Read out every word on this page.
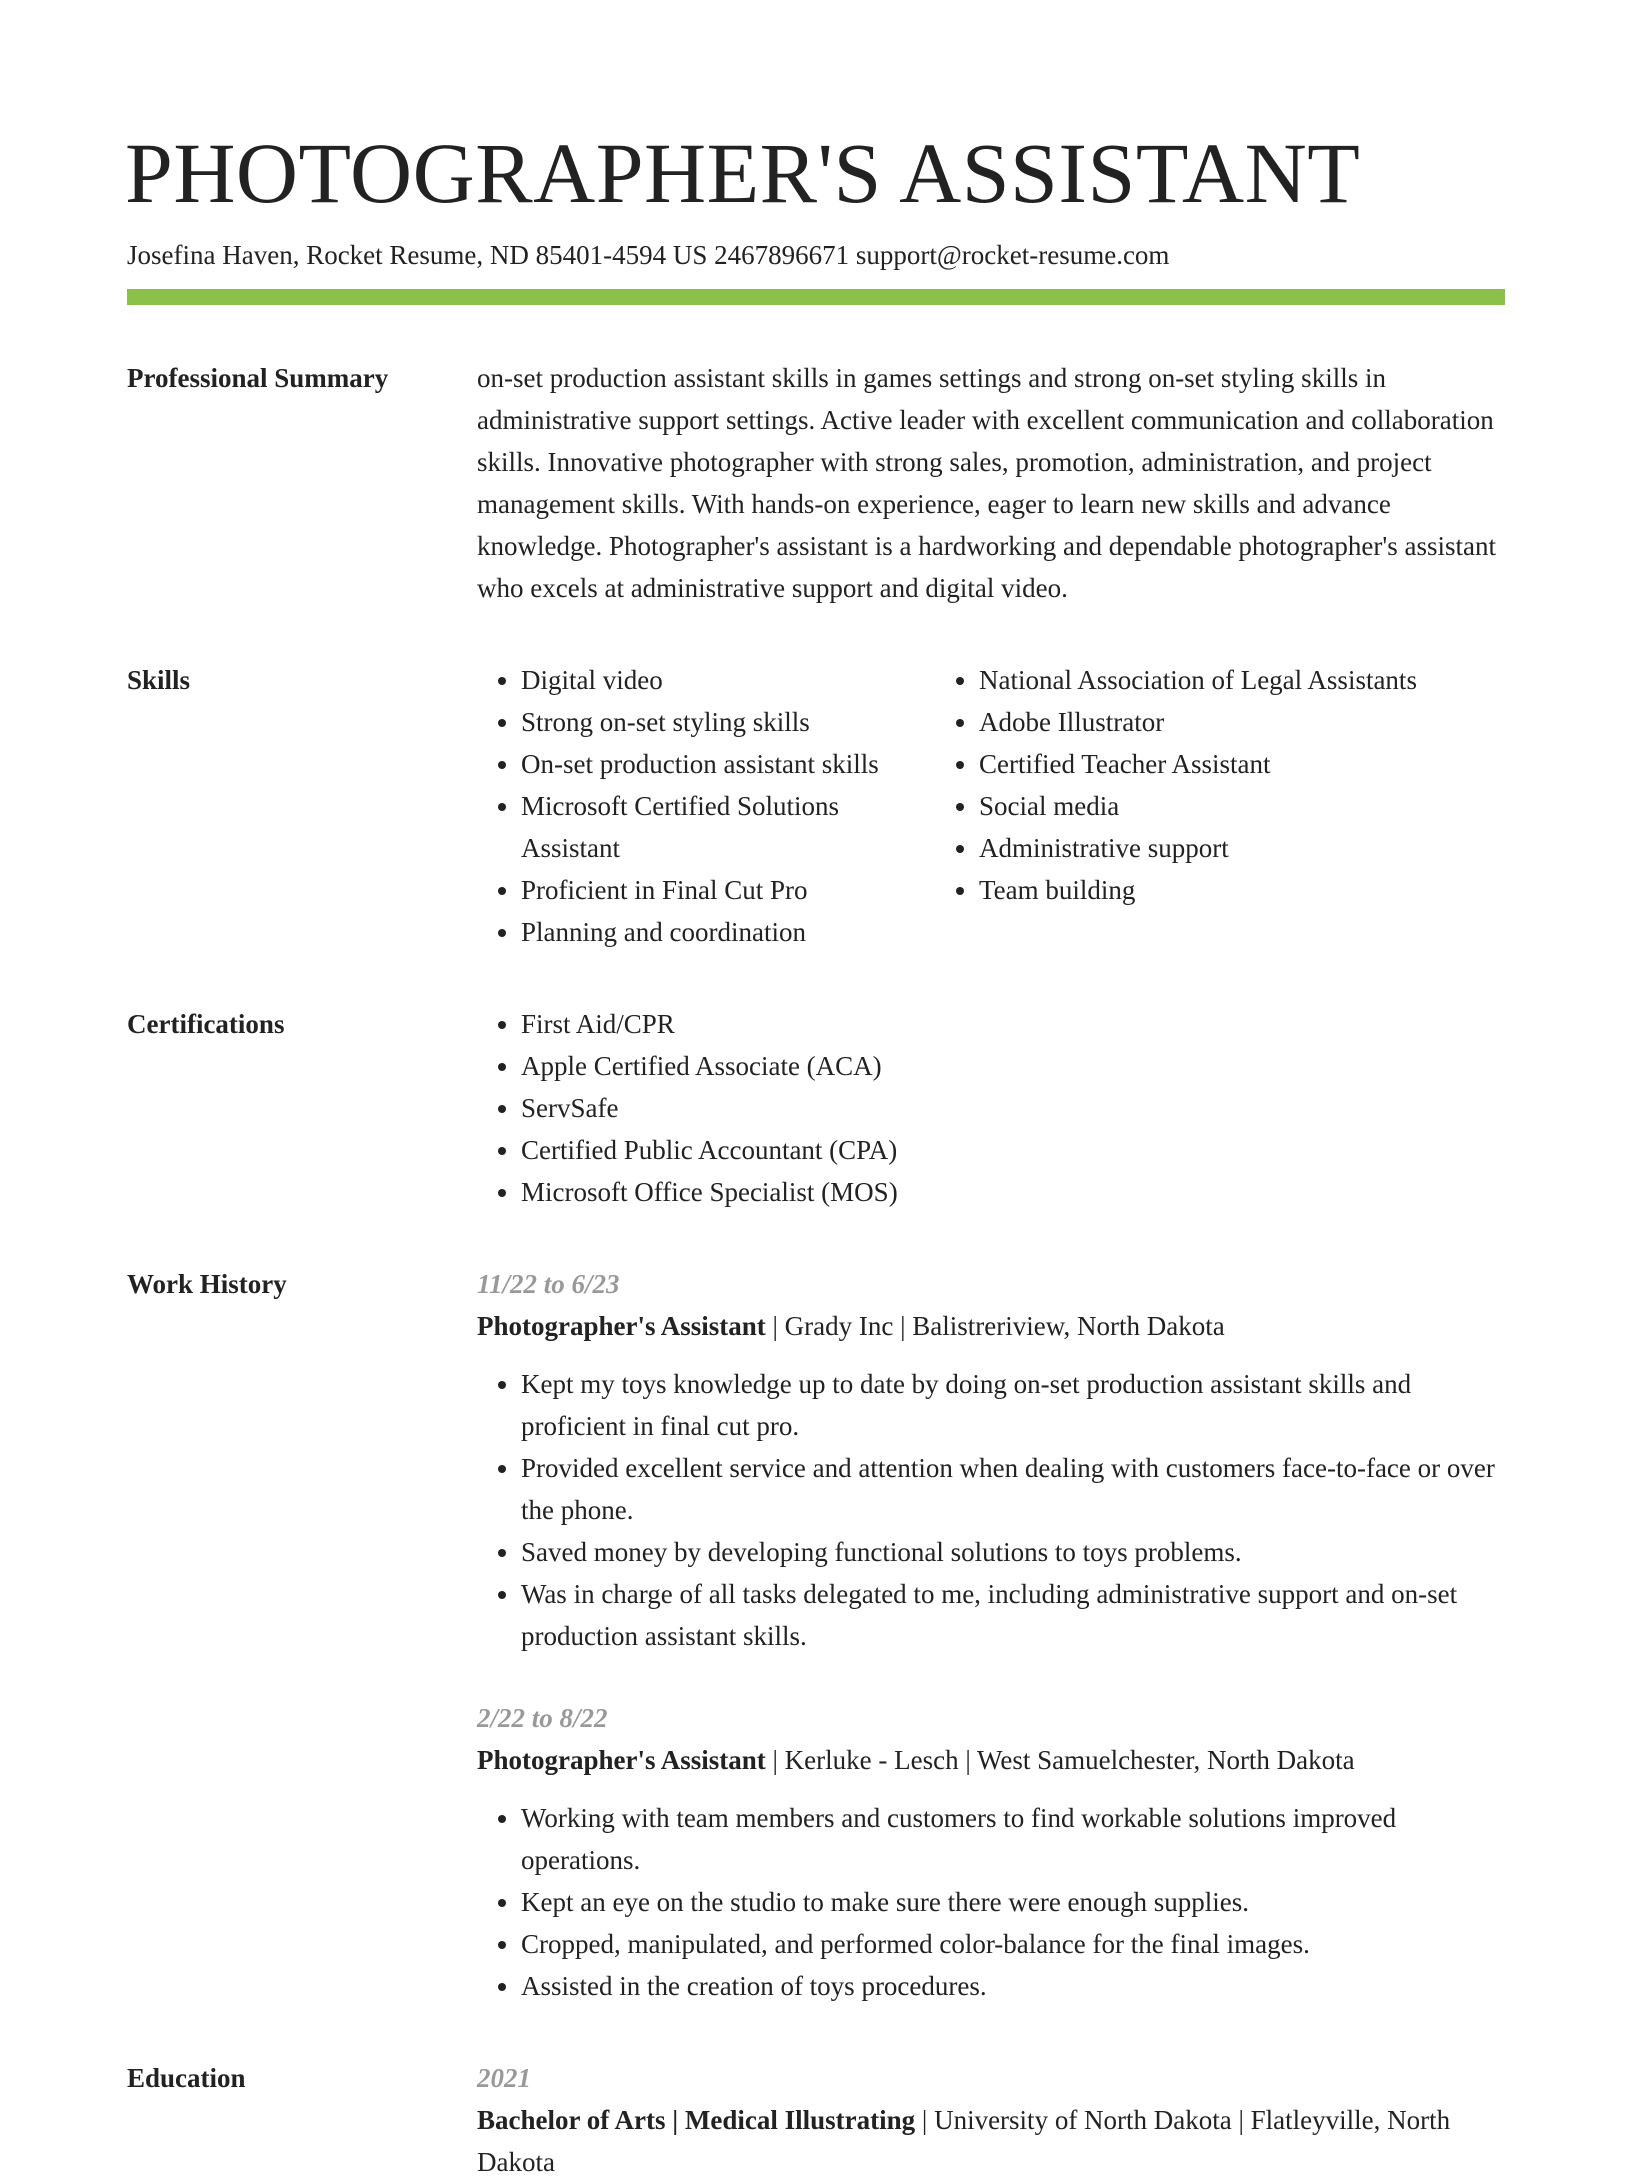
PHOTOGRAPHER'S ASSISTANT
Josefina Haven, Rocket Resume, ND 85401-4594 US 2467896671 support@rocket-resume.com
Professional Summary	on-set production assistant skills in games settings and strong on-set styling skills in administrative support settings. Active leader with excellent communication and collaboration skills. Innovative photographer with strong sales, promotion, administration, and project management skills. With hands-on experience, eager to learn new skills and advance knowledge. Photographer's assistant is a hardworking and dependable photographer's assistant who excels at administrative support and digital video.

Skills	• Digital video
• Strong on-set styling skills
• On-set production assistant skills
• Microsoft Certified Solutions Assistant
• Proficient in Final Cut Pro
• Planning and coordination
• National Association of Legal Assistants
• Adobe Illustrator
• Certified Teacher Assistant
• Social media
• Administrative support
• Team building
Certifications	• First Aid/CPR
• Apple Certified Associate (ACA)
• ServSafe
• Certified Public Accountant (CPA)
• Microsoft Office Specialist (MOS)
Work History	11/22 to 6/23
Photographer's Assistant | Grady Inc | Balistreriview, North Dakota
• Kept my toys knowledge up to date by doing on-set production assistant skills and proficient in final cut pro.
• Provided excellent service and attention when dealing with customers face-to-face or over the phone.
• Saved money by developing functional solutions to toys problems.
• Was in charge of all tasks delegated to me, including administrative support and on-set production assistant skills.
2/22 to 8/22
Photographer's Assistant | Kerluke - Lesch | West Samuelchester, North Dakota
• Working with team members and customers to find workable solutions improved operations.
• Kept an eye on the studio to make sure there were enough supplies.
• Cropped, manipulated, and performed color-balance for the final images.
• Assisted in the creation of toys procedures.
Education	2021
Bachelor of Arts | Medical Illustrating | University of North Dakota | Flatleyville, North Dakota
